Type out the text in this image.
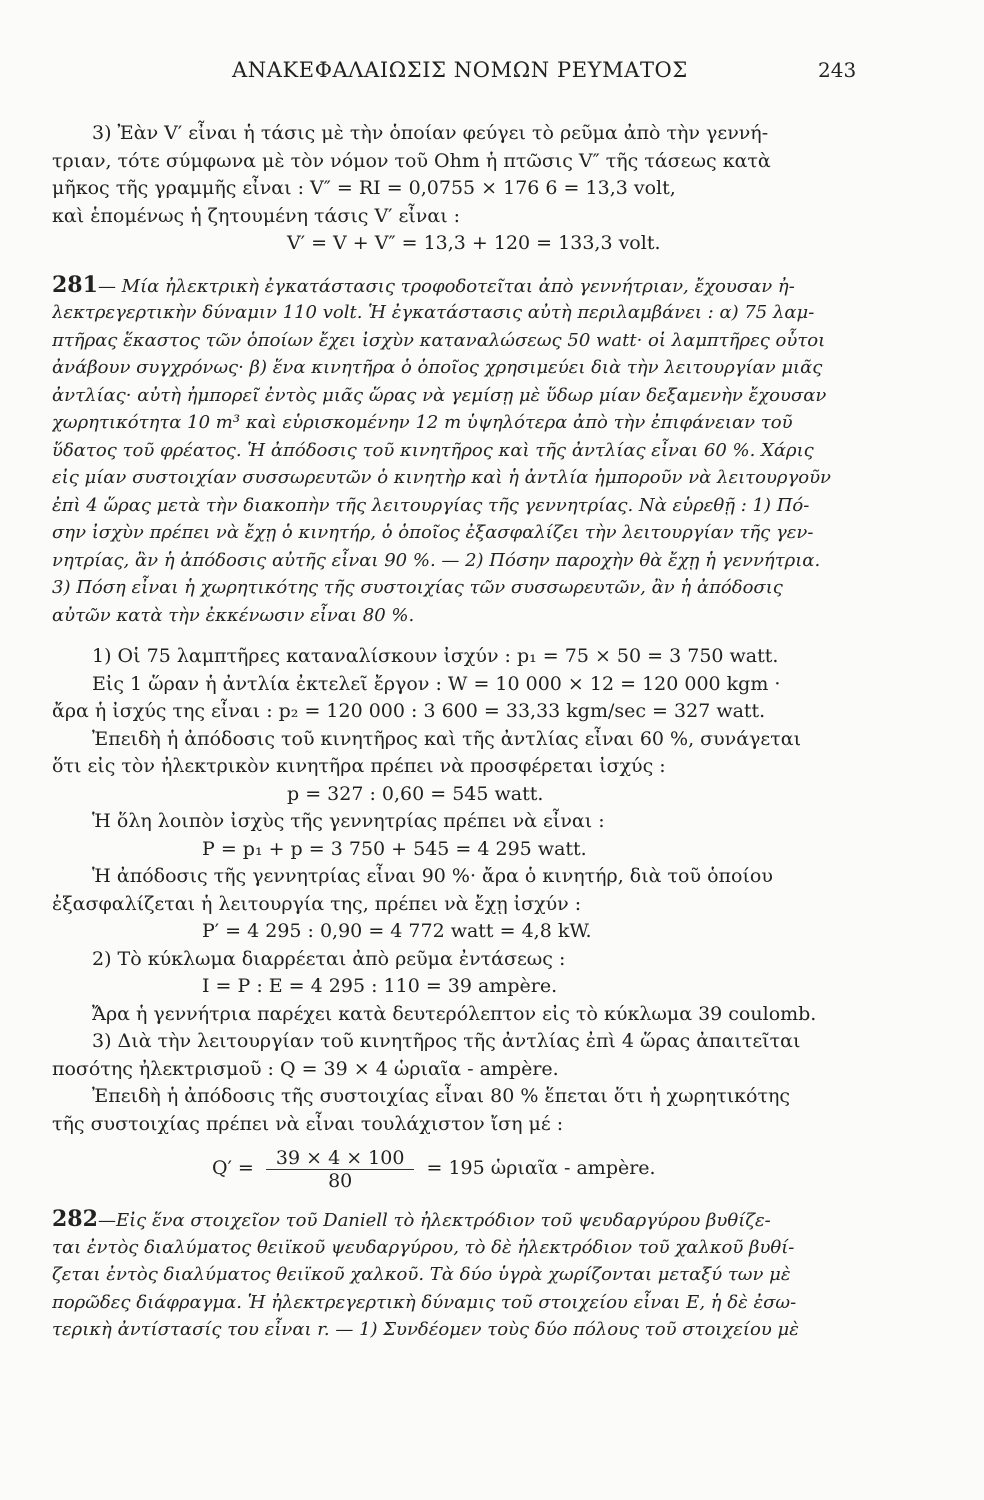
ΑΝΑΚΕΦΑΛΑΙΩΣΙΣ ΝΟΜΩΝ ΡΕΥΜΑΤΟΣ	243
3) Ἐὰν V′ εἶναι ἡ τάσις μὲ τὴν ὁποίαν φεύγει τὸ ρεῦμα ἀπὸ τὴν γεννή-
τριαν, τότε σύμφωνα μὲ τὸν νόμον τοῦ Ohm ἡ πτῶσις V″ τῆς τάσεως κατὰ
μῆκος τῆς γραμμῆς εἶναι : V″ = RI = 0,0755 × 176 6 = 13,3 volt,
καὶ ἑπομένως ἡ ζητουμένη τάσις V′ εἶναι :
V′ = V + V″ = 13,3 + 120 = 133,3 volt.
281— Μία ἠλεκτρικὴ ἐγκατάστασις τροφοδοτεῖται ἀπὸ γεννήτριαν, ἔχουσαν ἠ-
λεκτρεγερτικὴν δύναμιν 110 volt. Ἡ ἐγκατάστασις αὐτὴ περιλαμβάνει : α) 75 λαμ-
πτῆρας ἕκαστος τῶν ὁποίων ἔχει ἰσχὺν καταναλώσεως 50 watt· οἱ λαμπτῆρες οὗτοι
ἀνάβουν συγχρόνως· β) ἕνα κινητῆρα ὁ ὁποῖος χρησιμεύει διὰ τὴν λειτουργίαν μιᾶς
ἀντλίας· αὐτὴ ἠμπορεῖ ἐντὸς μιᾶς ὥρας νὰ γεμίσῃ μὲ ὕδωρ μίαν δεξαμενὴν ἔχουσαν
χωρητικότητα 10 m³ καὶ εὑρισκομένην 12 m ὑψηλότερα ἀπὸ τὴν ἐπιφάνειαν τοῦ
ὕδατος τοῦ φρέατος. Ἡ ἀπόδοσις τοῦ κινητῆρος καὶ τῆς ἀντλίας εἶναι 60 %. Χάρις
εἰς μίαν συστοιχίαν συσσωρευτῶν ὁ κινητὴρ καὶ ἡ ἀντλία ἠμποροῦν νὰ λειτουργοῦν
ἐπὶ 4 ὥρας μετὰ τὴν διακοπὴν τῆς λειτουργίας τῆς γεννητρίας. Νὰ εὑρεθῇ : 1) Πό-
σην ἰσχὺν πρέπει νὰ ἔχῃ ὁ κινητήρ, ὁ ὁποῖος ἐξασφαλίζει τὴν λειτουργίαν τῆς γεν-
νητρίας, ἂν ἡ ἀπόδοσις αὐτῆς εἶναι 90 %. — 2) Πόσην παροχὴν θὰ ἔχῃ ἡ γεννήτρια.
3) Πόση εἶναι ἡ χωρητικότης τῆς συστοιχίας τῶν συσσωρευτῶν, ἂν ἡ ἀπόδοσις
αὐτῶν κατὰ τὴν ἐκκένωσιν εἶναι 80 %.
1) Οἱ 75 λαμπτῆρες καταναλίσκουν ἰσχύν : p₁ = 75 × 50 = 3 750 watt.
Εἰς 1 ὥραν ἡ ἀντλία ἐκτελεῖ ἔργον : W = 10 000 × 12 = 120 000 kgm ·
ἄρα ἡ ἰσχύς της εἶναι : p₂ = 120 000 : 3 600 = 33,33 kgm/sec = 327 watt.
Ἐπειδὴ ἡ ἀπόδοσις τοῦ κινητῆρος καὶ τῆς ἀντλίας εἶναι 60 %, συνάγεται
ὅτι εἰς τὸν ἠλεκτρικὸν κινητῆρα πρέπει νὰ προσφέρεται ἰσχύς :
p = 327 : 0,60 = 545 watt.
Ἡ ὅλη λοιπὸν ἰσχὺς τῆς γεννητρίας πρέπει νὰ εἶναι :
P = p₁ + p = 3 750 + 545 = 4 295 watt.
Ἡ ἀπόδοσις τῆς γεννητρίας εἶναι 90 %· ἄρα ὁ κινητήρ, διὰ τοῦ ὁποίου
ἐξασφαλίζεται ἡ λειτουργία της, πρέπει νὰ ἔχῃ ἰσχύν :
P′ = 4 295 : 0,90 = 4 772 watt = 4,8 kW.
2) Τὸ κύκλωμα διαρρέεται ἀπὸ ρεῦμα ἐντάσεως :
I = P : E = 4 295 : 110 = 39 ampère.
Ἄρα ἡ γεννήτρια παρέχει κατὰ δευτερόλεπτον εἰς τὸ κύκλωμα 39 coulomb.
3) Διὰ τὴν λειτουργίαν τοῦ κινητῆρος τῆς ἀντλίας ἐπὶ 4 ὥρας ἀπαιτεῖται
ποσότης ἠλεκτρισμοῦ : Q = 39 × 4 ὡριαῖα - ampère.
Ἐπειδὴ ἡ ἀπόδοσις τῆς συστοιχίας εἶναι 80 % ἕπεται ὅτι ἡ χωρητικότης
τῆς συστοιχίας πρέπει νὰ εἶναι τουλάχιστον ἴση μέ :
$Q' = \frac{39 \times 4 \times 100}{80} = 195$ ὡριαῖα - ampère.
282—Εἰς ἕνα στοιχεῖον τοῦ Daniell τὸ ἠλεκτρόδιον τοῦ ψευδαργύρου βυθίζε-
ται ἐντὸς διαλύματος θειϊκοῦ ψευδαργύρου, τὸ δὲ ἠλεκτρόδιον τοῦ χαλκοῦ βυθί-
ζεται ἐντὸς διαλύματος θειϊκοῦ χαλκοῦ. Τὰ δύο ὑγρὰ χωρίζονται μεταξύ των μὲ
πορῶδες διάφραγμα. Ἡ ἠλεκτρεγερτικὴ δύναμις τοῦ στοιχείου εἶναι Ε, ἡ δὲ ἐσω-
τερικὴ ἀντίστασίς του εἶναι r. — 1) Συνδέομεν τοὺς δύο πόλους τοῦ στοιχείου μὲ
